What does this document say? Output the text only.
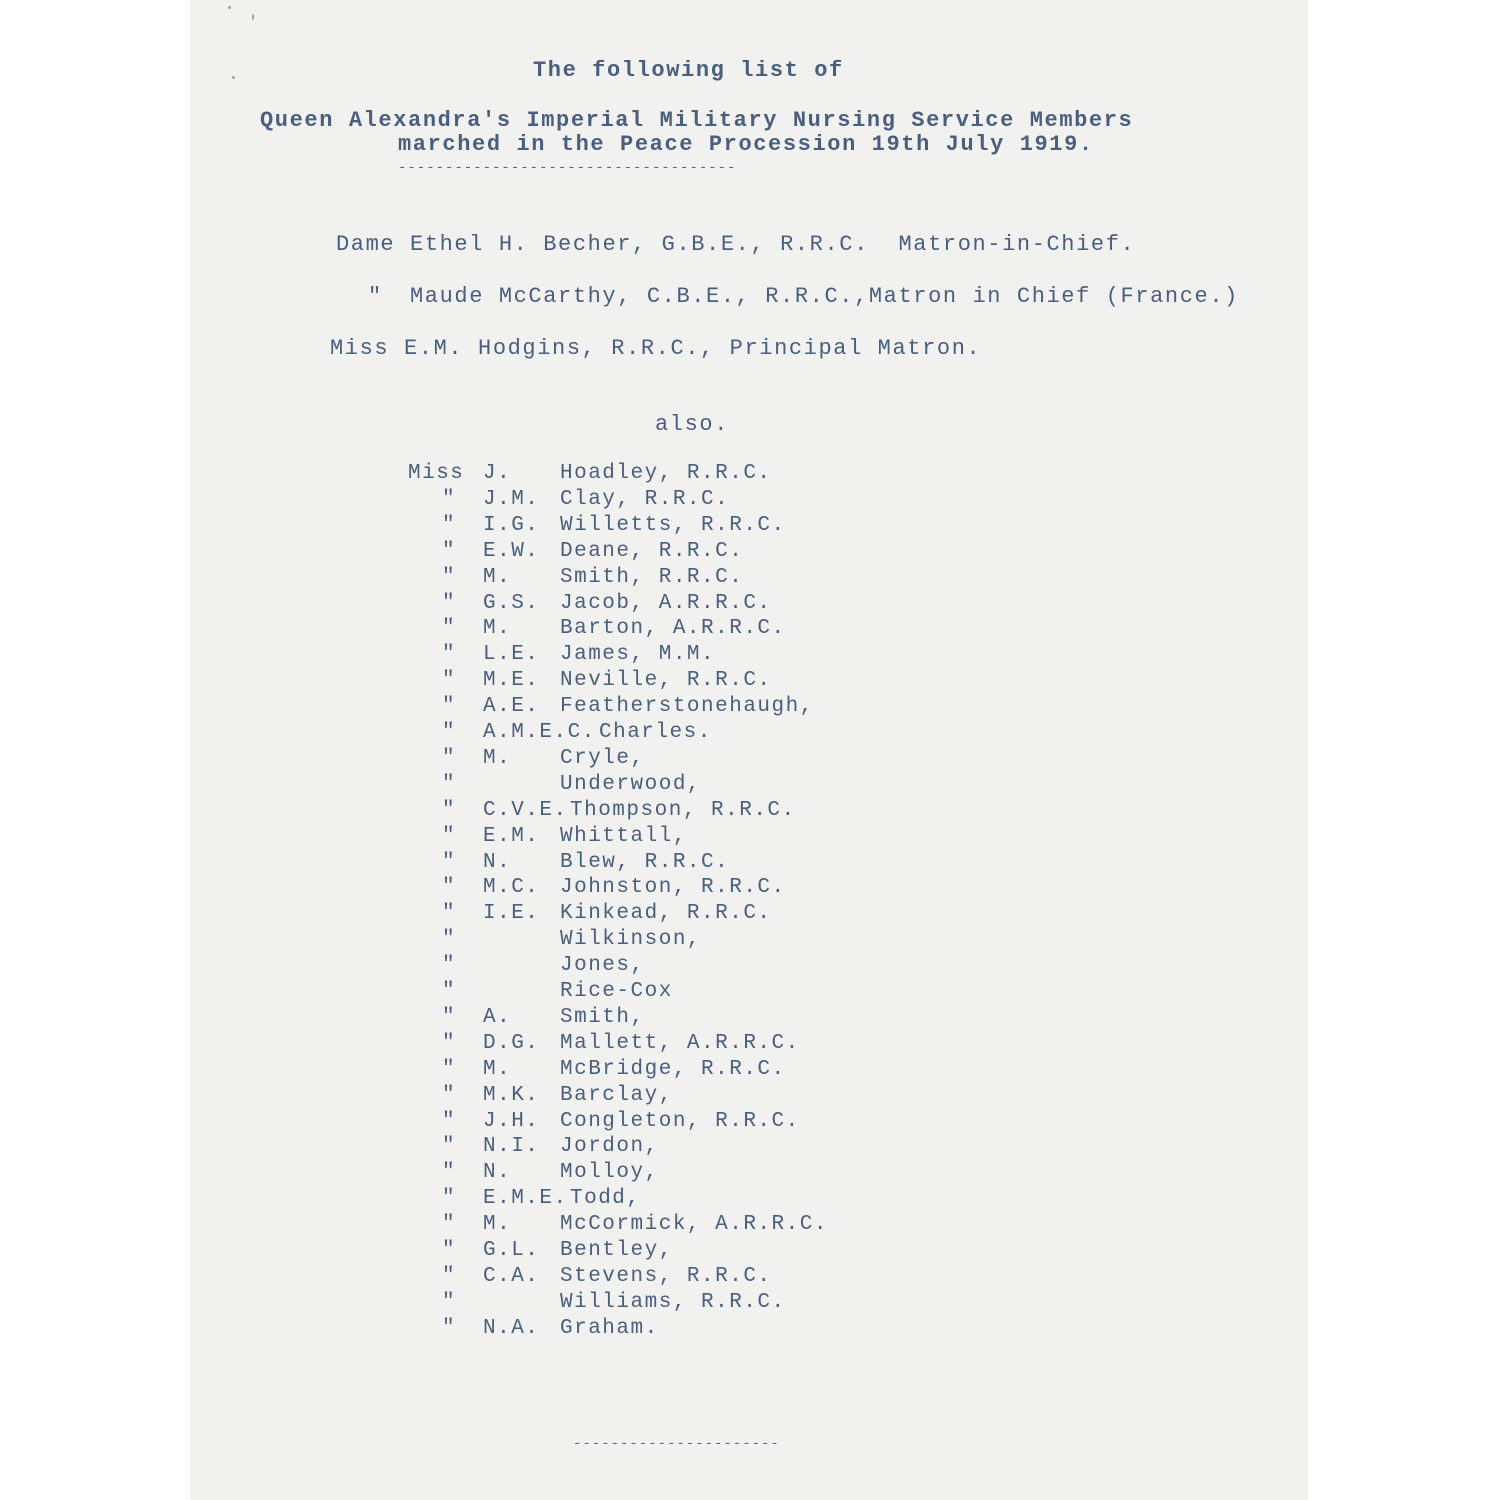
The following list of
Queen Alexandra's Imperial Military Nursing Service Members
marched in the Peace Procession 19th July 1919.
------------------------------------
Dame Ethel H. Becher, G.B.E., R.R.C.  Matron-in-Chief.
" Maude McCarthy, C.B.E., R.R.C.,Matron in Chief (France.)
Miss E.M. Hodgins, R.R.C., Principal Matron.
also.
Miss J. Hoadley, R.R.C.
" J.M. Clay, R.R.C.
" I.G. Willetts, R.R.C.
" E.W. Deane, R.R.C.
" M. Smith, R.R.C.
" G.S. Jacob, A.R.R.C.
" M. Barton, A.R.R.C.
" L.E. James, M.M.
" M.E. Neville, R.R.C.
" A.E. Featherstonehaugh,
" A.M.E.C. Charles.
" M. Cryle,
"	Underwood,
" C.V.E. Thompson, R.R.C.
" E.M. Whittall,
" N. Blew, R.R.C.
" M.C. Johnston, R.R.C.
" I.E. Kinkead, R.R.C.
"	Wilkinson,
"	Jones,
"	Rice-Cox
" A. Smith,
" D.G. Mallett, A.R.R.C.
" M. McBridge, R.R.C.
" M.K. Barclay,
" J.H. Congleton, R.R.C.
" N.I. Jordon,
" N. Molloy,
" E.M.E. Todd,
" M. McCormick, A.R.R.C.
" G.L. Bentley,
" C.A. Stevens, R.R.C.
"	Williams, R.R.C.
" N.A. Graham.
----------------------
